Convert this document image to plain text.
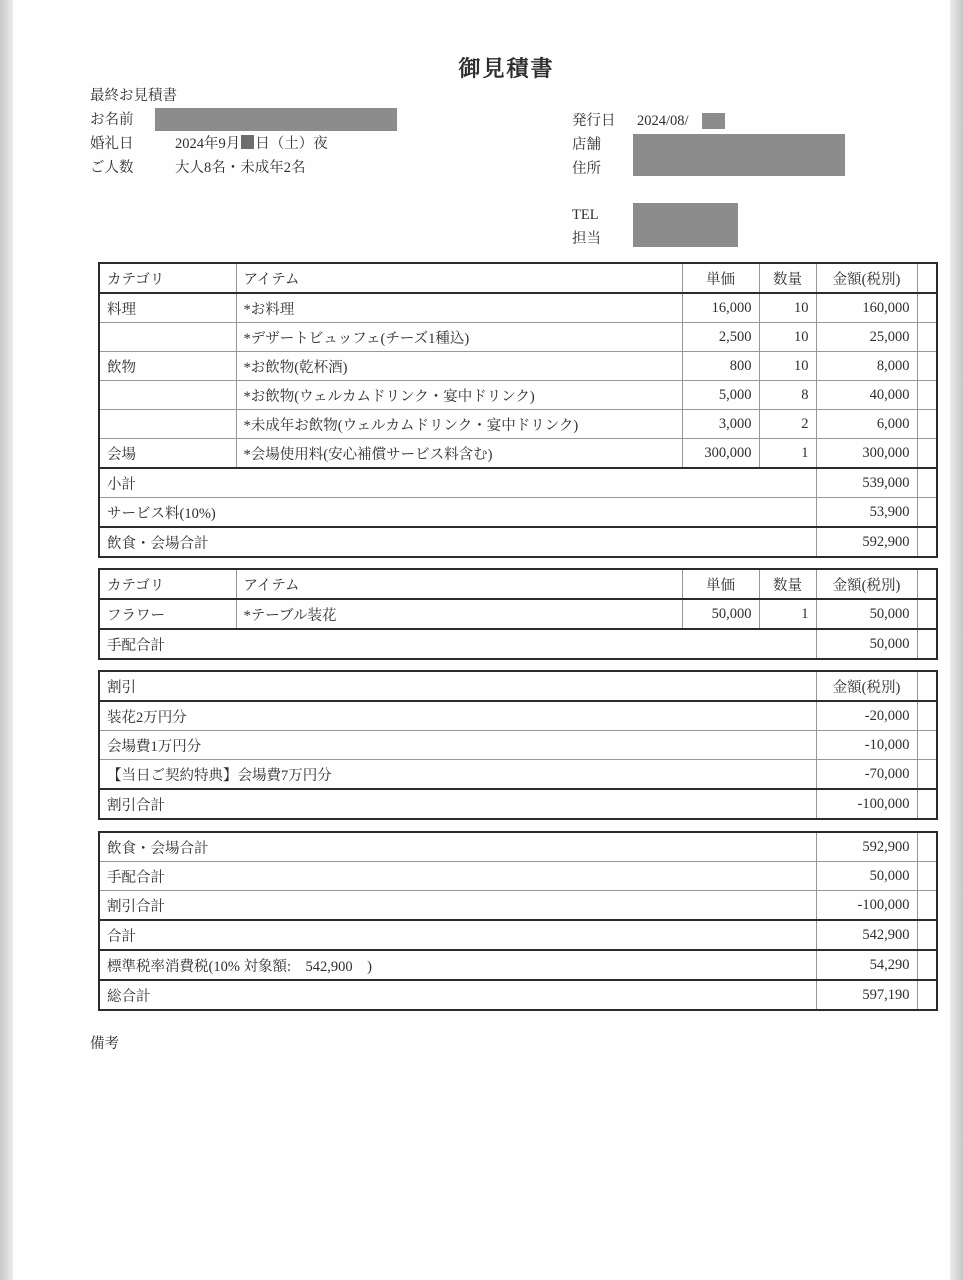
御見積書
最終お見積書
お名前
婚礼日	2024年9月 日（土）夜
ご人数	大人8名・未成年2名
発行日 2024/08/
店舗
住所
TEL
担当
カテゴリ	アイテム	単価	数量	金額(税別)	
料理	*お料理	16,000	10	160,000	
	*デザートビュッフェ(チーズ1種込)	2,500	10	25,000	
飲物	*お飲物(乾杯酒)	800	10	8,000	
	*お飲物(ウェルカムドリンク・宴中ドリンク)	5,000	8	40,000	
	*未成年お飲物(ウェルカムドリンク・宴中ドリンク)	3,000	2	6,000	
会場	*会場使用料(安心補償サービス料含む)	300,000	1	300,000	
小計				539,000	
サービス料(10%)				53,900	
飲食・会場合計				592,900	
カテゴリ	アイテム	単価	数量	金額(税別)	
フラワー	*テーブル装花	50,000	1	50,000	
手配合計				50,000	
割引	金額(税別)	
装花2万円分	-20,000	
会場費1万円分	-10,000	
【当日ご契約特典】会場費7万円分	-70,000	
割引合計	-100,000	
飲食・会場合計	592,900	
手配合計	50,000	
割引合計	-100,000	
合計	542,900	
標準税率消費税(10% 対象額:　542,900　)	54,290	
総合計	597,190	
備考
